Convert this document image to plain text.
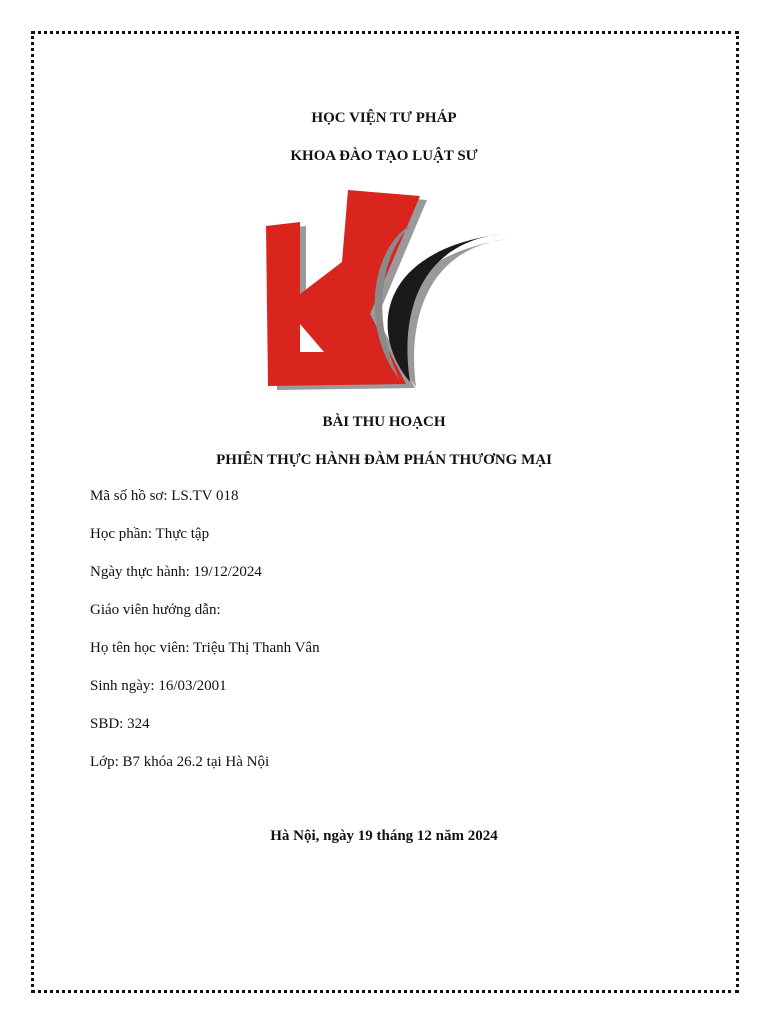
HỌC VIỆN TƯ PHÁP
KHOA ĐÀO TẠO LUẬT SƯ
BÀI THU HOẠCH
PHIÊN THỰC HÀNH ĐÀM PHÁN THƯƠNG MẠI
Mã số hồ sơ: LS.TV 018
Học phần: Thực tập
Ngày thực hành: 19/12/2024
Giáo viên hướng dẫn:
Họ tên học viên: Triệu Thị Thanh Vân
Sinh ngày: 16/03/2001
SBD: 324
Lớp: B7 khóa 26.2 tại Hà Nội
Hà Nội, ngày 19 tháng 12 năm 2024
